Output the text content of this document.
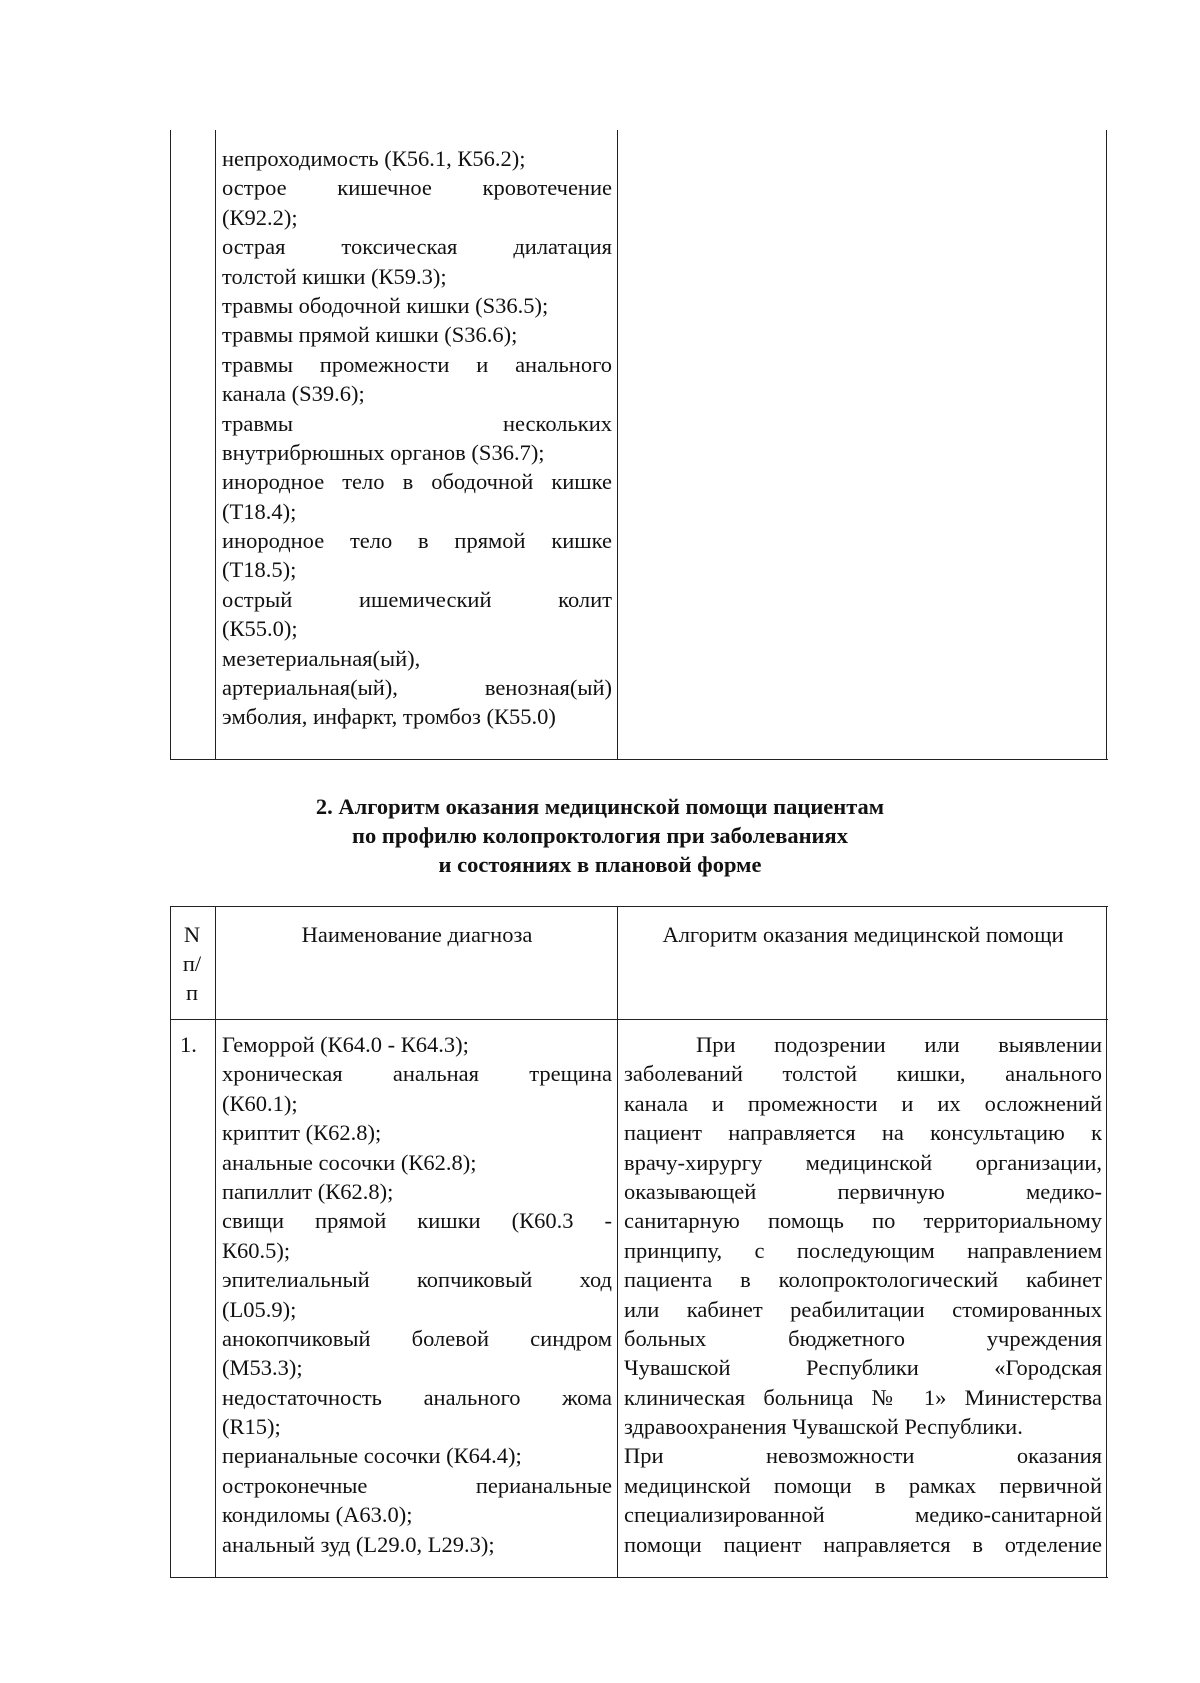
непроходимость (К56.1, К56.2);
острое кишечное кровотечение
(К92.2);
острая токсическая дилатация
толстой кишки (К59.3);
травмы ободочной кишки (S36.5);
травмы прямой кишки (S36.6);
травмы промежности и анального
канала (S39.6);
травмы нескольких
внутрибрюшных органов (S36.7);
инородное тело в ободочной кишке
(Т18.4);
инородное тело в прямой кишке
(Т18.5);
острый ишемический колит
(К55.0);
мезетериальная(ый),
артериальная(ый), венозная(ый)
эмболия, инфаркт, тромбоз (К55.0)
2. Алгоритм оказания медицинской помощи пациентам
по профилю колопроктология при заболеваниях
и состояниях в плановой форме
N
п/
п
Наименование диагноза	Алгоритм оказания медицинской помощи
1. Геморрой (К64.0 - К64.3);
хроническая анальная трещина
(К60.1);
криптит (К62.8);
анальные сосочки (К62.8);
папиллит (К62.8);
свищи прямой кишки (К60.3 -
К60.5);
эпителиальный копчиковый ход
(L05.9);
анокопчиковый болевой синдром
(М53.3);
недостаточность анального жома
(R15);
перианальные сосочки (К64.4);
остроконечные перианальные
кондиломы (А63.0);
анальный зуд (L29.0, L29.3);
При подозрении или выявлении
заболеваний толстой кишки, анального
канала и промежности и их осложнений
пациент направляется на консультацию к
врачу-хирургу медицинской организации,
оказывающей первичную медико-
санитарную помощь по территориальному
принципу, с последующим направлением
пациента в колопроктологический кабинет
или кабинет реабилитации стомированных
больных бюджетного учреждения
Чувашской Республики «Городская
клиническая больница № 1» Министерства
здравоохранения Чувашской Республики.
При невозможности оказания
медицинской помощи в рамках первичной
специализированной медико-санитарной
помощи пациент направляется в отделение
